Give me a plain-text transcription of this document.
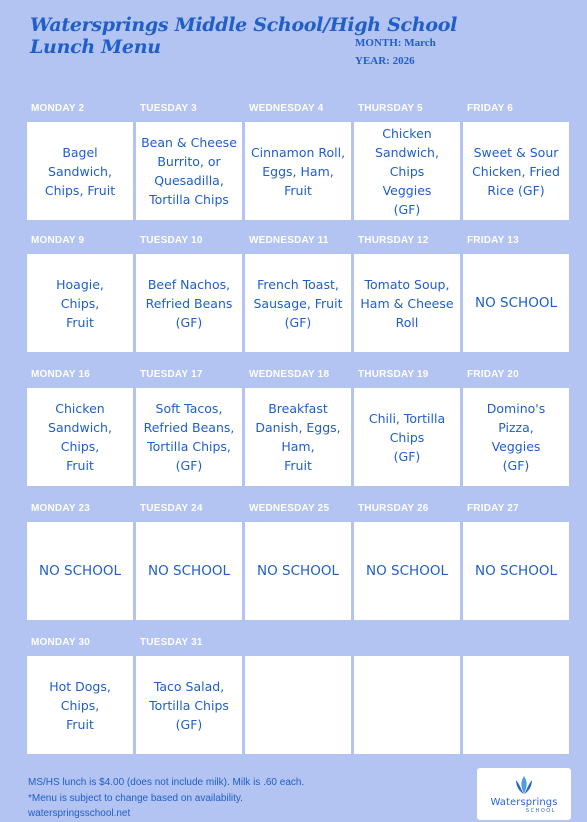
Watersprings Middle School/High School
Lunch Menu	MONTH: March
YEAR: 2026
MONDAY 2
Bagel
Sandwich,
Chips, Fruit
TUESDAY 3
Bean & Cheese
Burrito, or
Quesadilla,
Tortilla Chips
WEDNESDAY 4
Cinnamon Roll,
Eggs, Ham,
Fruit
THURSDAY 5
Chicken
Sandwich,
Chips
Veggies
(GF)
FRIDAY 6
Sweet & Sour
Chicken, Fried
Rice (GF)
MONDAY 9
Hoagie,
Chips,
Fruit
TUESDAY 10
Beef Nachos,
Refried Beans
(GF)
WEDNESDAY 11
French Toast,
Sausage, Fruit
(GF)
THURSDAY 12
Tomato Soup,
Ham & Cheese
Roll
FRIDAY 13
NO SCHOOL
MONDAY 16
Chicken
Sandwich,
Chips,
Fruit
TUESDAY 17
Soft Tacos,
Refried Beans,
Tortilla Chips,
(GF)
WEDNESDAY 18
Breakfast
Danish, Eggs,
Ham,
Fruit
THURSDAY 19
Chili, Tortilla
Chips
(GF)
FRIDAY 20
Domino's
Pizza,
Veggies
(GF)
MONDAY 23
NO SCHOOL
TUESDAY 24
NO SCHOOL
WEDNESDAY 25
NO SCHOOL
THURSDAY 26
NO SCHOOL
FRIDAY 27
NO SCHOOL
MONDAY 30
Hot Dogs,
Chips,
Fruit
TUESDAY 31
Taco Salad,
Tortilla Chips
(GF)
MS/HS lunch is $4.00 (does not include milk). Milk is .60 each.
*Menu is subject to change based on availability.
waterspringsschool.net
Watersprings
SCHOOL
